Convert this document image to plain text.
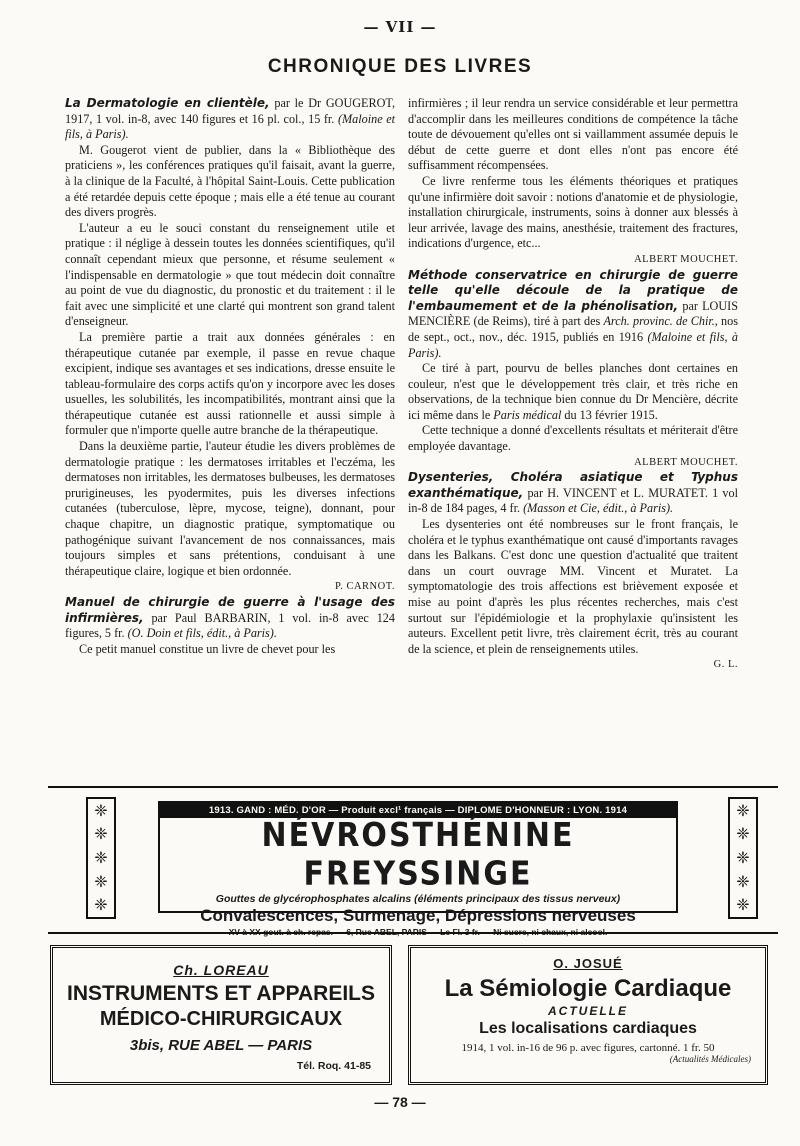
— VII —
CHRONIQUE DES LIVRES

La Dermatologie en clientèle, par le Dr GOUGEROT, 1917, 1 vol. in-8, avec 140 figures et 16 pl. col., 15 fr. (Maloine et fils, à Paris).

M. Gougerot vient de publier, dans la « Bibliothèque des praticiens », les conférences pratiques qu'il faisait, avant la guerre, à la clinique de la Faculté, à l'hôpital Saint-Louis. Cette publication a été retardée depuis cette époque ; mais elle a été tenue au courant des divers progrès.

L'auteur a eu le souci constant du renseignement utile et pratique : il néglige à dessein toutes les données scientifiques, qu'il connaît cependant mieux que personne, et résume seulement « l'indispensable en dermatologie » que tout médecin doit connaître au point de vue du diagnostic, du pronostic et du traitement : il le fait avec une simplicité et une clarté qui montrent son grand talent d'enseigneur.

La première partie a trait aux données générales : en thérapeutique cutanée par exemple, il passe en revue chaque excipient, indique ses avantages et ses indications, dresse ensuite le tableau-formulaire des corps actifs qu'on y incorpore avec les doses usuelles, les solubilités, les incompatibilités, montrant ainsi que la thérapeutique cutanée est aussi rationnelle et aussi simple à formuler que n'importe quelle autre branche de la thérapeutique.

Dans la deuxième partie, l'auteur étudie les divers problèmes de dermatologie pratique : les dermatoses irritables et l'eczéma, les dermatoses non irritables, les dermatoses bulbeuses, les dermatoses prurigineuses, les pyodermites, puis les diverses infections cutanées (tuberculose, lèpre, mycose, teigne), donnant, pour chaque chapitre, un diagnostic pratique, symptomatique ou pathogénique suivant l'avancement de nos connaissances, mais toujours simples et sans prétentions, conduisant à une thérapeutique claire, logique et bien ordonnée.

P. CARNOT.

Manuel de chirurgie de guerre à l'usage des infirmières, par Paul BARBARIN, 1 vol. in-8 avec 124 figures, 5 fr. (O. Doin et fils, édit., à Paris).

Ce petit manuel constitue un livre de chevet pour les

infirmières ; il leur rendra un service considérable et leur permettra d'accomplir dans les meilleures conditions de compétence la tâche toute de dévouement qu'elles ont si vaillamment assumée depuis le début de cette guerre et dont elles n'ont pas encore été suffisamment récompensées.

Ce livre renferme tous les éléments théoriques et pratiques qu'une infirmière doit savoir : notions d'anatomie et de physiologie, installation chirurgicale, instruments, soins à donner aux blessés à leur arrivée, lavage des mains, anesthésie, traitement des fractures, indications d'urgence, etc...

ALBERT MOUCHET.

Méthode conservatrice en chirurgie de guerre telle qu'elle découle de la pratique de l'embaumement et de la phénolisation, par LOUIS MENCIÈRE (de Reims), tiré à part des Arch. provinc. de Chir., nos de sept., oct., nov., déc. 1915, publiés en 1916 (Maloine et fils, à Paris).

Ce tiré à part, pourvu de belles planches dont certaines en couleur, n'est que le développement très clair, et très riche en observations, de la technique bien connue du Dr Mencière, décrite ici même dans le Paris médical du 13 février 1915.

Cette technique a donné d'excellents résultats et mériterait d'être employée davantage.

ALBERT MOUCHET.

Dysenteries, Choléra asiatique et Typhus exanthématique, par H. VINCENT et L. MURATET. 1 vol in-8 de 184 pages, 4 fr. (Masson et Cie, édit., à Paris).

Les dysenteries ont été nombreuses sur le front français, le choléra et le typhus exanthématique ont causé d'importants ravages dans les Balkans. C'est donc une question d'actualité que traitent dans un court ouvrage MM. Vincent et Muratet. La symptomatologie des trois affections est brièvement exposée et mise au point d'après les plus récentes recherches, mais c'est surtout sur l'épidémiologie et la prophylaxie qu'insistent les auteurs. Excellent petit livre, très clairement écrit, très au courant de la science, et plein de renseignements utiles.

G. L.

❈
❈
❈
❈
❈
1913. GAND : MÉD. D'OR — Produit excl¹ français — DIPLOME D'HONNEUR : LYON. 1914
NÉVROSTHÉNINE FREYSSINGE
Gouttes de glycérophosphates alcalins (éléments principaux des tissus nerveux)
Convalescences, Surmenage, Dépressions nerveuses
XV à XX gout. à ch. repas. — 6, Rue ABEL, PARIS — Le Fl. 3 fr. — Ni sucre, ni chaux, ni alcool.
❈
❈
❈
❈
❈
Ch. LOREAU
INSTRUMENTS ET APPAREILS
MÉDICO-CHIRURGICAUX
3bis, RUE ABEL — PARIS
Tél. Roq. 41-85
O. JOSUÉ
La Sémiologie Cardiaque
ACTUELLE
Les localisations cardiaques
1914, 1 vol. in-16 de 96 p. avec figures, cartonné. 1 fr. 50
(Actualités Médicales)
— 78 —
